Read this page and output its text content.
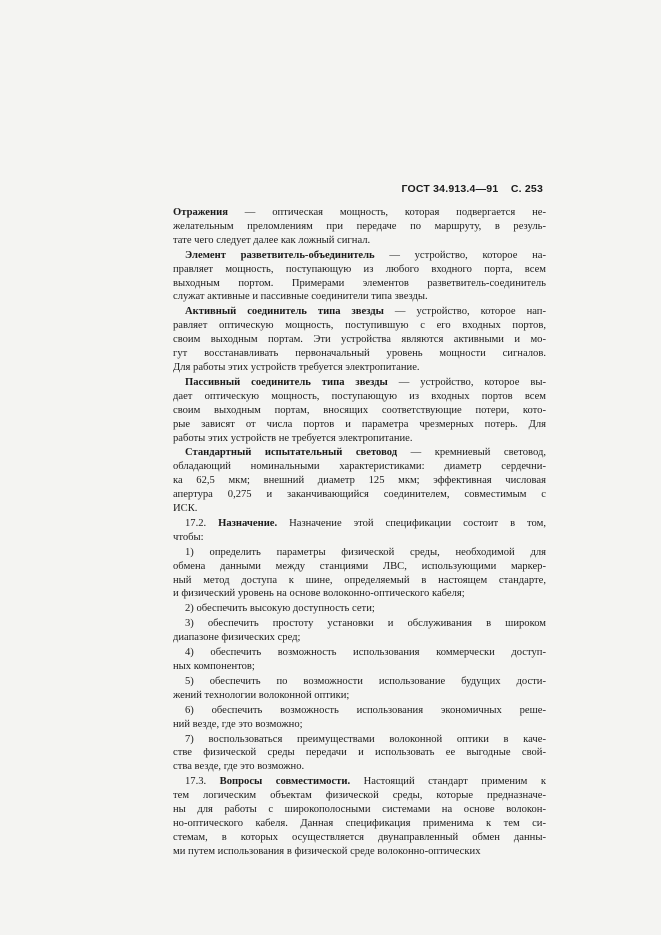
ГОСТ 34.913.4—91 С. 253

Отражения — оптическая мощность, которая подвергается не-
желательным преломлениям при передаче по маршруту, в резуль-
тате чего следует далее как ложный сигнал.

Элемент разветвитель-объединитель — устройство, которое на-
правляет мощность, поступающую из любого входного порта, всем
выходным портом. Примерами элементов разветвитель-соединитель
служат активные и пассивные соединители типа звезды.

Активный соединитель типа звезды — устройство, которое нап-
равляет оптическую мощность, поступившую с его входных портов,
своим выходным портам. Эти устройства являются активными и мо-
гут восстанавливать первоначальный уровень мощности сигналов.
Для работы этих устройств требуется электропитание.

Пассивный соединитель типа звезды — устройство, которое вы-
дает оптическую мощность, поступающую из входных портов всем
своим выходным портам, вносящих соответствующие потери, кото-
рые зависят от числа портов и параметра чрезмерных потерь. Для
работы этих устройств не требуется электропитание.

Стандартный испытательный световод — кремниевый световод,
обладающий номинальными характеристиками: диаметр сердечни-
ка 62,5 мкм; внешний диаметр 125 мкм; эффективная числовая
апертура 0,275 и заканчивающийся соединителем, совместимым с
ИСК.

17.2. Назначение. Назначение этой спецификации состоит в том,
чтобы:

1) определить параметры физической среды, необходимой для
обмена данными между станциями ЛВС, использующими маркер-
ный метод доступа к шине, определяемый в настоящем стандарте,
и физический уровень на основе волоконно-оптического кабеля;

2) обеспечить высокую доступность сети;

3) обеспечить простоту установки и обслуживания в широком
диапазоне физических сред;

4) обеспечить возможность использования коммерчески доступ-
ных компонентов;

5) обеспечить по возможности использование будущих дости-
жений технологии волоконной оптики;

6) обеспечить возможность использования экономичных реше-
ний везде, где это возможно;

7) воспользоваться преимуществами волоконной оптики в каче-
стве физической среды передачи и использовать ее выгодные свой-
ства везде, где это возможно.

17.3. Вопросы совместимости. Настоящий стандарт применим к
тем логическим объектам физической среды, которые предназначе-
ны для работы с широкополосными системами на основе волокон-
но-оптического кабеля. Данная спецификация применима к тем си-
стемам, в которых осуществляется двунаправленный обмен данны-
ми путем использования в физической среде волоконно-оптических
